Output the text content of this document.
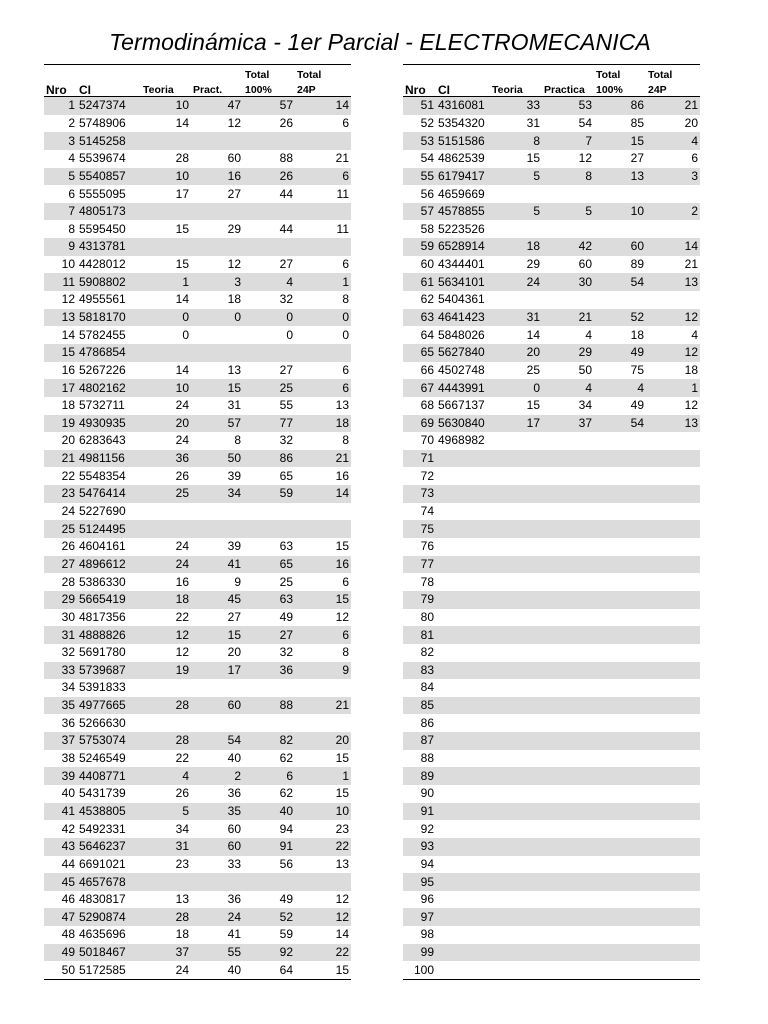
Termodinámica - 1er Parcial - ELECTROMECANICA
				Total	Total
Nro	CI	Teoria	Pract.	100%	24P
1	5247374	10	47	57	14
2	5748906	14	12	26	6
3	5145258				
4	5539674	28	60	88	21
5	5540857	10	16	26	6
6	5555095	17	27	44	11
7	4805173				
8	5595450	15	29	44	11
9	4313781				
10	4428012	15	12	27	6
11	5908802	1	3	4	1
12	4955561	14	18	32	8
13	5818170	0	0	0	0
14	5782455	0		0	0
15	4786854				
16	5267226	14	13	27	6
17	4802162	10	15	25	6
18	5732711	24	31	55	13
19	4930935	20	57	77	18
20	6283643	24	8	32	8
21	4981156	36	50	86	21
22	5548354	26	39	65	16
23	5476414	25	34	59	14
24	5227690				
25	5124495				
26	4604161	24	39	63	15
27	4896612	24	41	65	16
28	5386330	16	9	25	6
29	5665419	18	45	63	15
30	4817356	22	27	49	12
31	4888826	12	15	27	6
32	5691780	12	20	32	8
33	5739687	19	17	36	9
34	5391833				
35	4977665	28	60	88	21
36	5266630				
37	5753074	28	54	82	20
38	5246549	22	40	62	15
39	4408771	4	2	6	1
40	5431739	26	36	62	15
41	4538805	5	35	40	10
42	5492331	34	60	94	23
43	5646237	31	60	91	22
44	6691021	23	33	56	13
45	4657678				
46	4830817	13	36	49	12
47	5290874	28	24	52	12
48	4635696	18	41	59	14
49	5018467	37	55	92	22
50	5172585	24	40	64	15
				Total	Total
Nro	CI	Teoria	Practica	100%	24P
51	4316081	33	53	86	21
52	5354320	31	54	85	20
53	5151586	8	7	15	4
54	4862539	15	12	27	6
55	6179417	5	8	13	3
56	4659669				
57	4578855	5	5	10	2
58	5223526				
59	6528914	18	42	60	14
60	4344401	29	60	89	21
61	5634101	24	30	54	13
62	5404361				
63	4641423	31	21	52	12
64	5848026	14	4	18	4
65	5627840	20	29	49	12
66	4502748	25	50	75	18
67	4443991	0	4	4	1
68	5667137	15	34	49	12
69	5630840	17	37	54	13
70	4968982				
71					
72					
73					
74					
75					
76					
77					
78					
79					
80					
81					
82					
83					
84					
85					
86					
87					
88					
89					
90					
91					
92					
93					
94					
95					
96					
97					
98					
99					
100					
